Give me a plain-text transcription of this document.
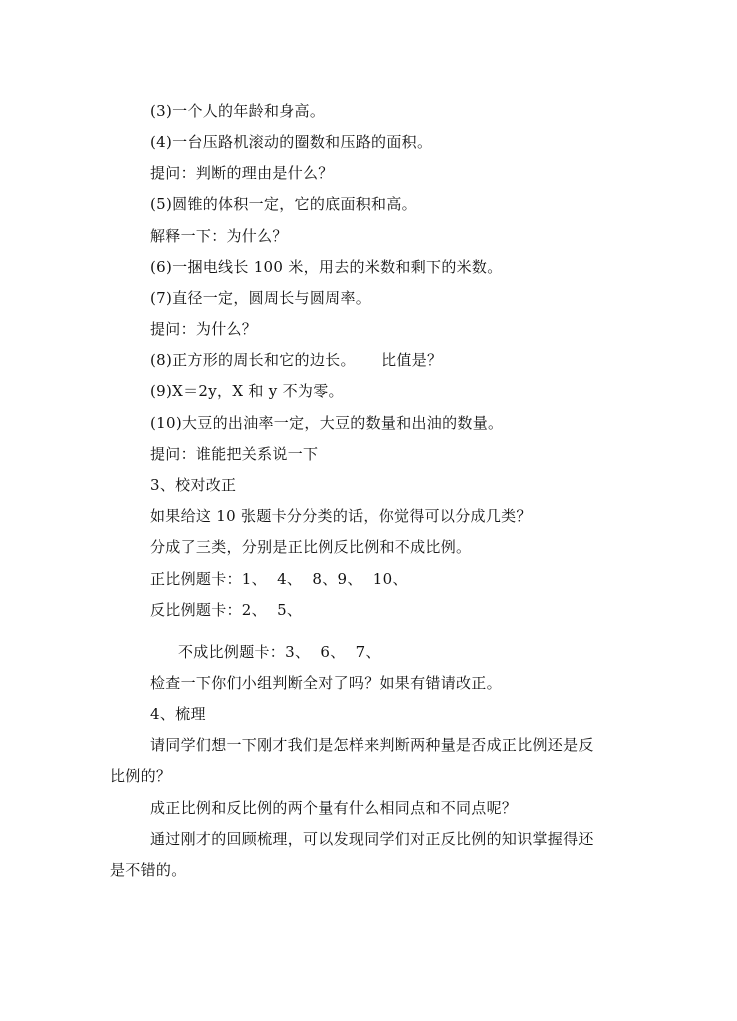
(3)一个人的年龄和身高。
(4)一台压路机滚动的圈数和压路的面积。
提问：判断的理由是什么？
(5)圆锥的体积一定，它的底面积和高。
解释一下：为什么？
(6)一捆电线长 100 米，用去的米数和剩下的米数。
(7)直径一定，圆周长与圆周率。
提问：为什么？
(8)正方形的周长和它的边长。     比值是？
(9)X＝2y，X 和 y 不为零。
(10)大豆的出油率一定，大豆的数量和出油的数量。
提问：谁能把关系说一下
3、校对改正
如果给这 10 张题卡分分类的话，你觉得可以分成几类？
分成了三类，分别是正比例反比例和不成比例。
正比例题卡：1、  4、  8、9、  10、
反比例题卡：2、  5、
不成比例题卡：3、  6、  7、
检查一下你们小组判断全对了吗？如果有错请改正。
4、梳理
请同学们想一下刚才我们是怎样来判断两种量是否成正比例还是反
比例的？
成正比例和反比例的两个量有什么相同点和不同点呢？
通过刚才的回顾梳理，可以发现同学们对正反比例的知识掌握得还
是不错的。
